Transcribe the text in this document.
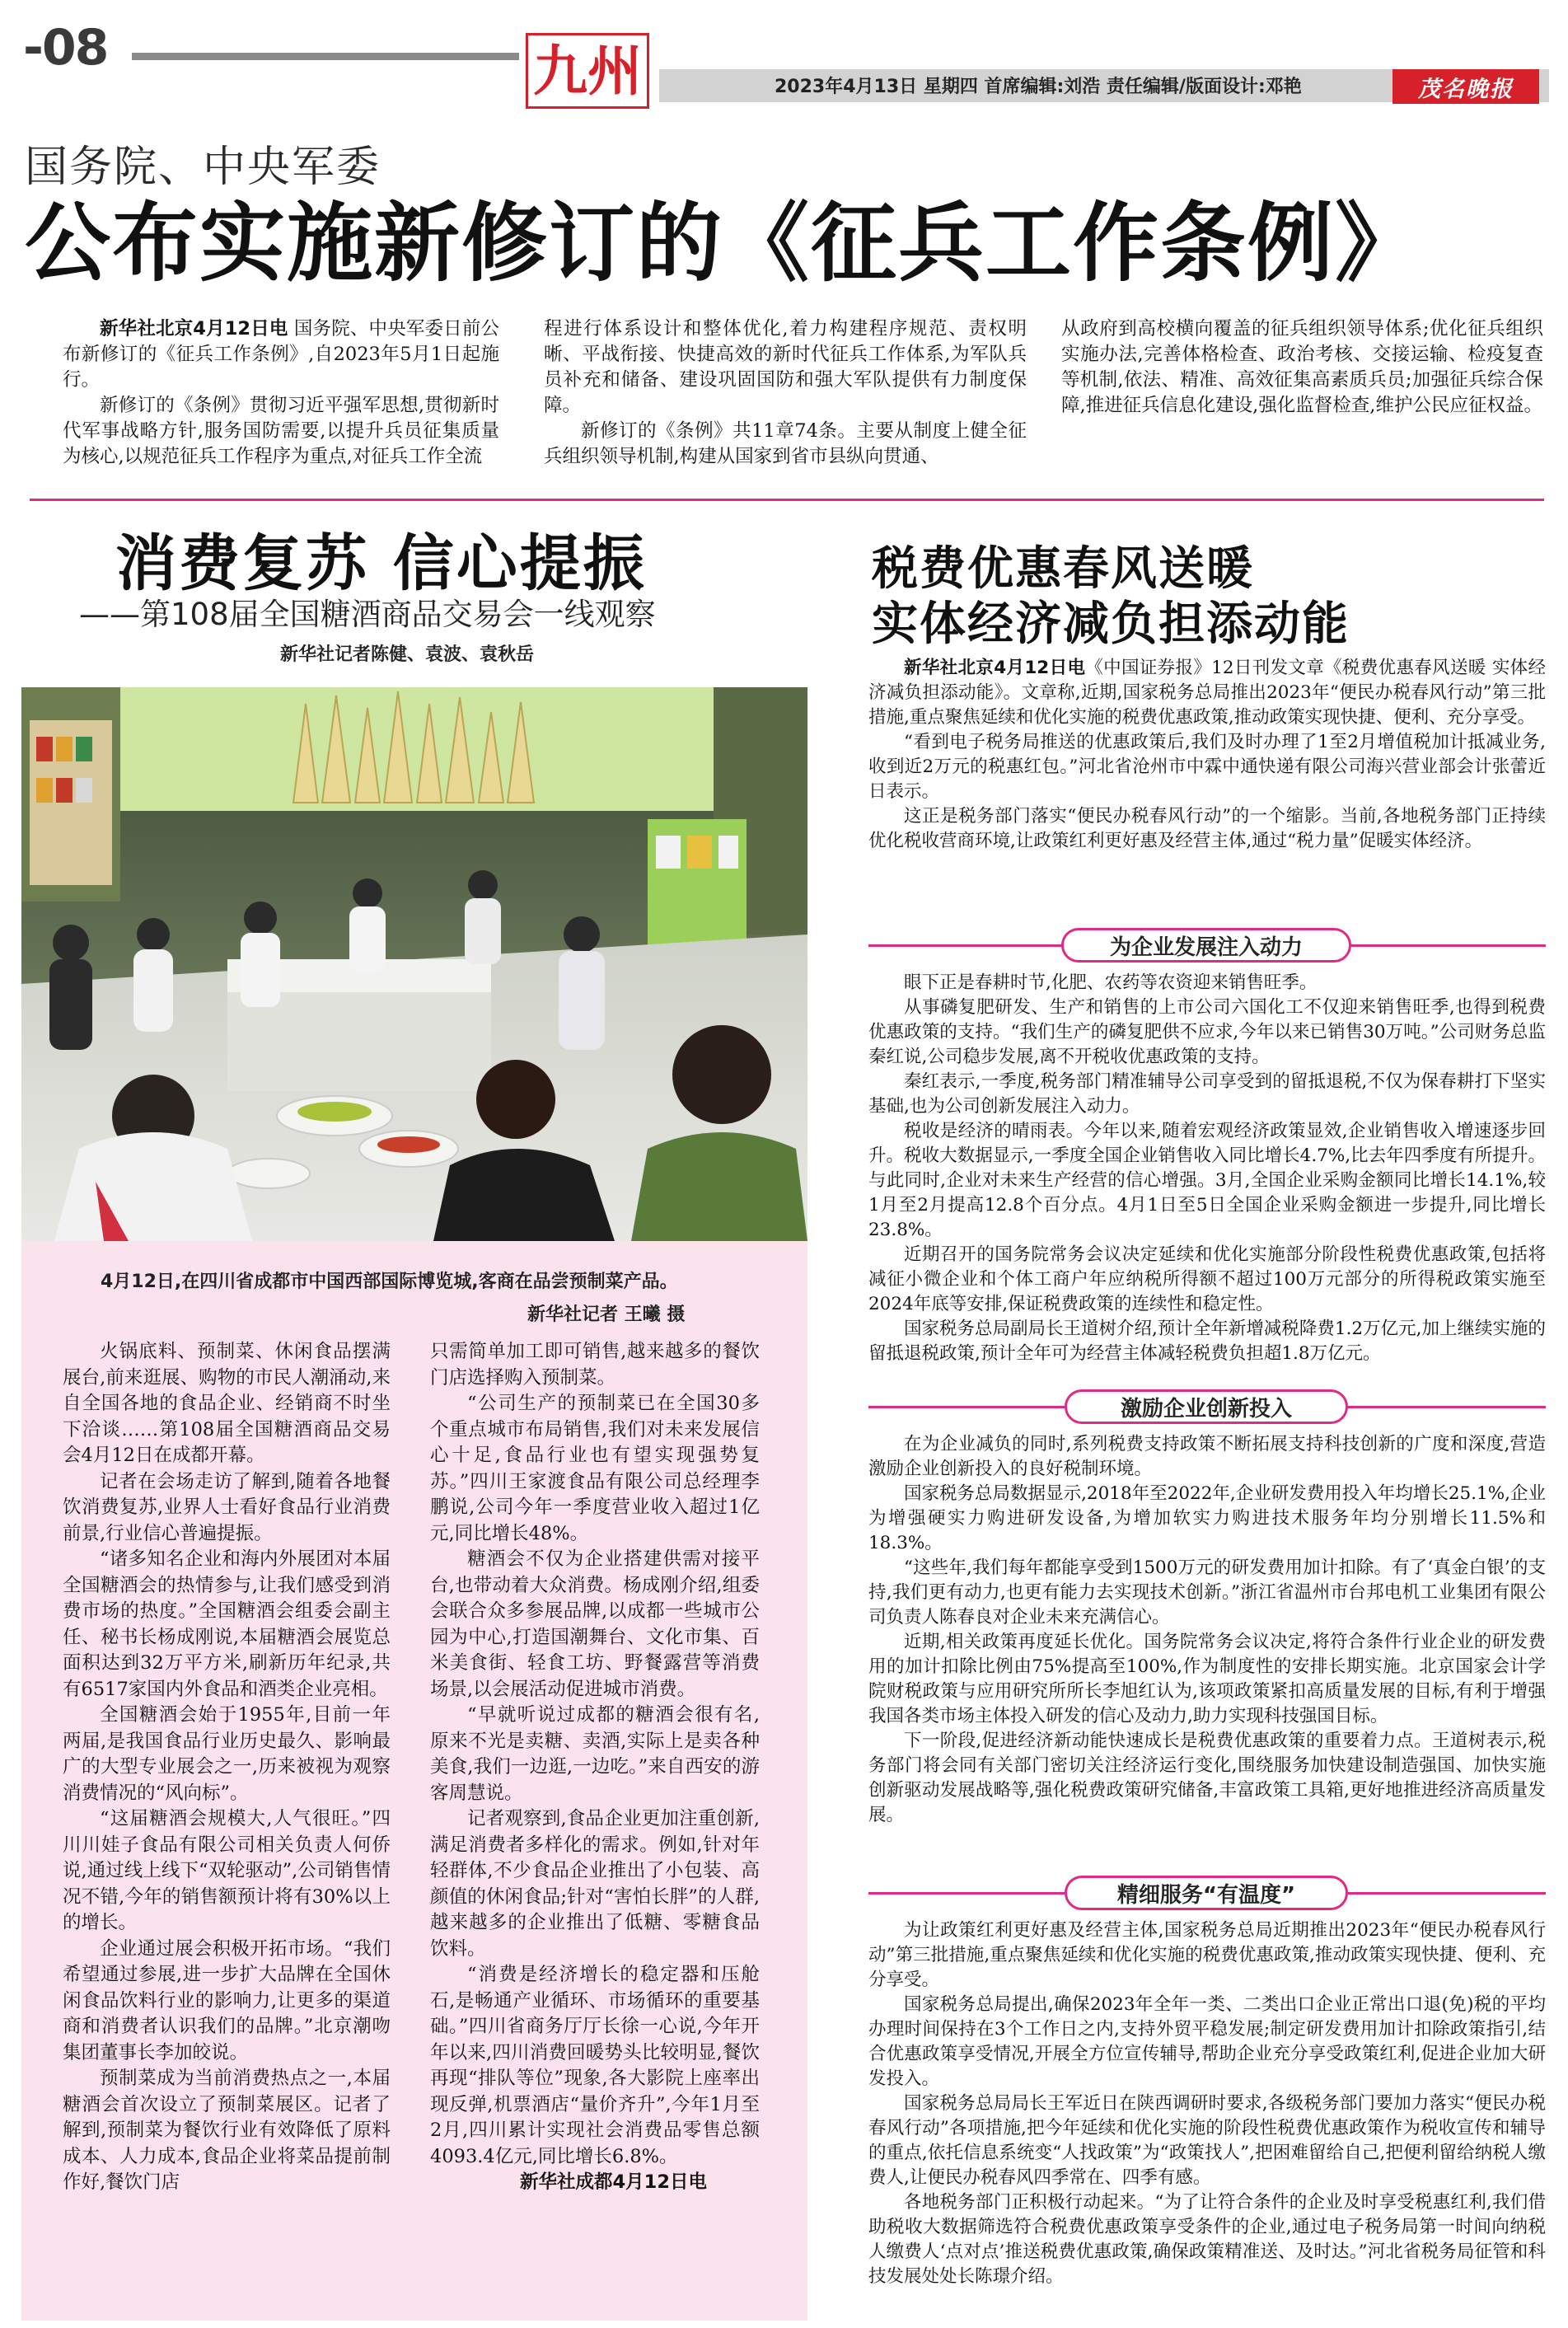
-08	九州	2023年4月13日 星期四 首席编辑:刘浩 责任编辑/版面设计:邓艳	茂名晚报
国务院、中央军委
公布实施新修订的《征兵工作条例》

新华社北京4月12日电 国务院、中央军委日前公布新修订的《征兵工作条例》,自2023年5月1日起施行。

新修订的《条例》贯彻习近平强军思想,贯彻新时代军事战略方针,服务国防需要,以提升兵员征集质量为核心,以规范征兵工作程序为重点,对征兵工作全流

程进行体系设计和整体优化,着力构建程序规范、责权明晰、平战衔接、快捷高效的新时代征兵工作体系,为军队兵员补充和储备、建设巩固国防和强大军队提供有力制度保障。

新修订的《条例》共11章74条。主要从制度上健全征兵组织领导机制,构建从国家到省市县纵向贯通、

从政府到高校横向覆盖的征兵组织领导体系;优化征兵组织实施办法,完善体格检查、政治考核、交接运输、检疫复查等机制,依法、精准、高效征集高素质兵员;加强征兵综合保障,推进征兵信息化建设,强化监督检查,维护公民应征权益。

消费复苏 信心提振
——第108届全国糖酒商品交易会一线观察
新华社记者陈健、袁波、袁秋岳
4月12日,在四川省成都市中国西部国际博览城,客商在品尝预制菜产品。
新华社记者 王曦 摄

火锅底料、预制菜、休闲食品摆满展台,前来逛展、购物的市民人潮涌动,来自全国各地的食品企业、经销商不时坐下洽谈……第108届全国糖酒商品交易会4月12日在成都开幕。

记者在会场走访了解到,随着各地餐饮消费复苏,业界人士看好食品行业消费前景,行业信心普遍提振。

“诸多知名企业和海内外展团对本届全国糖酒会的热情参与,让我们感受到消费市场的热度。”全国糖酒会组委会副主任、秘书长杨成刚说,本届糖酒会展览总面积达到32万平方米,刷新历年纪录,共有6517家国内外食品和酒类企业亮相。

全国糖酒会始于1955年,目前一年两届,是我国食品行业历史最久、影响最广的大型专业展会之一,历来被视为观察消费情况的“风向标”。

“这届糖酒会规模大,人气很旺。”四川川娃子食品有限公司相关负责人何侨说,通过线上线下“双轮驱动”,公司销售情况不错,今年的销售额预计将有30%以上的增长。

企业通过展会积极开拓市场。“我们希望通过参展,进一步扩大品牌在全国休闲食品饮料行业的影响力,让更多的渠道商和消费者认识我们的品牌。”北京潮吻集团董事长李加皎说。

预制菜成为当前消费热点之一,本届糖酒会首次设立了预制菜展区。记者了解到,预制菜为餐饮行业有效降低了原料成本、人力成本,食品企业将菜品提前制作好,餐饮门店

只需简单加工即可销售,越来越多的餐饮门店选择购入预制菜。

“公司生产的预制菜已在全国30多个重点城市布局销售,我们对未来发展信心十足,食品行业也有望实现强势复苏。”四川王家渡食品有限公司总经理李鹏说,公司今年一季度营业收入超过1亿元,同比增长48%。

糖酒会不仅为企业搭建供需对接平台,也带动着大众消费。杨成刚介绍,组委会联合众多参展品牌,以成都一些城市公园为中心,打造国潮舞台、文化市集、百米美食街、轻食工坊、野餐露营等消费场景,以会展活动促进城市消费。

“早就听说过成都的糖酒会很有名,原来不光是卖糖、卖酒,实际上是卖各种美食,我们一边逛,一边吃。”来自西安的游客周慧说。

记者观察到,食品企业更加注重创新,满足消费者多样化的需求。例如,针对年轻群体,不少食品企业推出了小包装、高颜值的休闲食品;针对“害怕长胖”的人群,越来越多的企业推出了低糖、零糖食品饮料。

“消费是经济增长的稳定器和压舱石,是畅通产业循环、市场循环的重要基础。”四川省商务厅厅长徐一心说,今年开年以来,四川消费回暖势头比较明显,餐饮再现“排队等位”现象,各大影院上座率出现反弹,机票酒店“量价齐升”,今年1月至2月,四川累计实现社会消费品零售总额4093.4亿元,同比增长6.8%。

新华社成都4月12日电

税费优惠春风送暖
实体经济减负担添动能

新华社北京4月12日电《中国证券报》12日刊发文章《税费优惠春风送暖 实体经济减负担添动能》。文章称,近期,国家税务总局推出2023年“便民办税春风行动”第三批措施,重点聚焦延续和优化实施的税费优惠政策,推动政策实现快捷、便利、充分享受。

“看到电子税务局推送的优惠政策后,我们及时办理了1至2月增值税加计抵减业务,收到近2万元的税惠红包。”河北省沧州市中霖中通快递有限公司海兴营业部会计张蕾近日表示。

这正是税务部门落实“便民办税春风行动”的一个缩影。当前,各地税务部门正持续优化税收营商环境,让政策红利更好惠及经营主体,通过“税力量”促暖实体经济。

为企业发展注入动力

眼下正是春耕时节,化肥、农药等农资迎来销售旺季。

从事磷复肥研发、生产和销售的上市公司六国化工不仅迎来销售旺季,也得到税费优惠政策的支持。“我们生产的磷复肥供不应求,今年以来已销售30万吨。”公司财务总监秦红说,公司稳步发展,离不开税收优惠政策的支持。

秦红表示,一季度,税务部门精准辅导公司享受到的留抵退税,不仅为保春耕打下坚实基础,也为公司创新发展注入动力。

税收是经济的晴雨表。今年以来,随着宏观经济政策显效,企业销售收入增速逐步回升。税收大数据显示,一季度全国企业销售收入同比增长4.7%,比去年四季度有所提升。与此同时,企业对未来生产经营的信心增强。3月,全国企业采购金额同比增长14.1%,较1月至2月提高12.8个百分点。4月1日至5日全国企业采购金额进一步提升,同比增长23.8%。

近期召开的国务院常务会议决定延续和优化实施部分阶段性税费优惠政策,包括将减征小微企业和个体工商户年应纳税所得额不超过100万元部分的所得税政策实施至2024年底等安排,保证税费政策的连续性和稳定性。

国家税务总局副局长王道树介绍,预计全年新增减税降费1.2万亿元,加上继续实施的留抵退税政策,预计全年可为经营主体减轻税费负担超1.8万亿元。

激励企业创新投入

在为企业减负的同时,系列税费支持政策不断拓展支持科技创新的广度和深度,营造激励企业创新投入的良好税制环境。

国家税务总局数据显示,2018年至2022年,企业研发费用投入年均增长25.1%,企业为增强硬实力购进研发设备,为增加软实力购进技术服务年均分别增长11.5%和18.3%。

“这些年,我们每年都能享受到1500万元的研发费用加计扣除。有了‘真金白银’的支持,我们更有动力,也更有能力去实现技术创新。”浙江省温州市台邦电机工业集团有限公司负责人陈春良对企业未来充满信心。

近期,相关政策再度延长优化。国务院常务会议决定,将符合条件行业企业的研发费用的加计扣除比例由75%提高至100%,作为制度性的安排长期实施。北京国家会计学院财税政策与应用研究所所长李旭红认为,该项政策紧扣高质量发展的目标,有利于增强我国各类市场主体投入研发的信心及动力,助力实现科技强国目标。

下一阶段,促进经济新动能快速成长是税费优惠政策的重要着力点。王道树表示,税务部门将会同有关部门密切关注经济运行变化,围绕服务加快建设制造强国、加快实施创新驱动发展战略等,强化税费政策研究储备,丰富政策工具箱,更好地推进经济高质量发展。

精细服务“有温度”

为让政策红利更好惠及经营主体,国家税务总局近期推出2023年“便民办税春风行动”第三批措施,重点聚焦延续和优化实施的税费优惠政策,推动政策实现快捷、便利、充分享受。

国家税务总局提出,确保2023年全年一类、二类出口企业正常出口退(免)税的平均办理时间保持在3个工作日之内,支持外贸平稳发展;制定研发费用加计扣除政策指引,结合优惠政策享受情况,开展全方位宣传辅导,帮助企业充分享受政策红利,促进企业加大研发投入。

国家税务总局局长王军近日在陕西调研时要求,各级税务部门要加力落实“便民办税春风行动”各项措施,把今年延续和优化实施的阶段性税费优惠政策作为税收宣传和辅导的重点,依托信息系统变“人找政策”为“政策找人”,把困难留给自己,把便利留给纳税人缴费人,让便民办税春风四季常在、四季有感。

各地税务部门正积极行动起来。“为了让符合条件的企业及时享受税惠红利,我们借助税收大数据筛选符合税费优惠政策享受条件的企业,通过电子税务局第一时间向纳税人缴费人‘点对点’推送税费优惠政策,确保政策精准送、及时达。”河北省税务局征管和科技发展处处长陈璟介绍。
